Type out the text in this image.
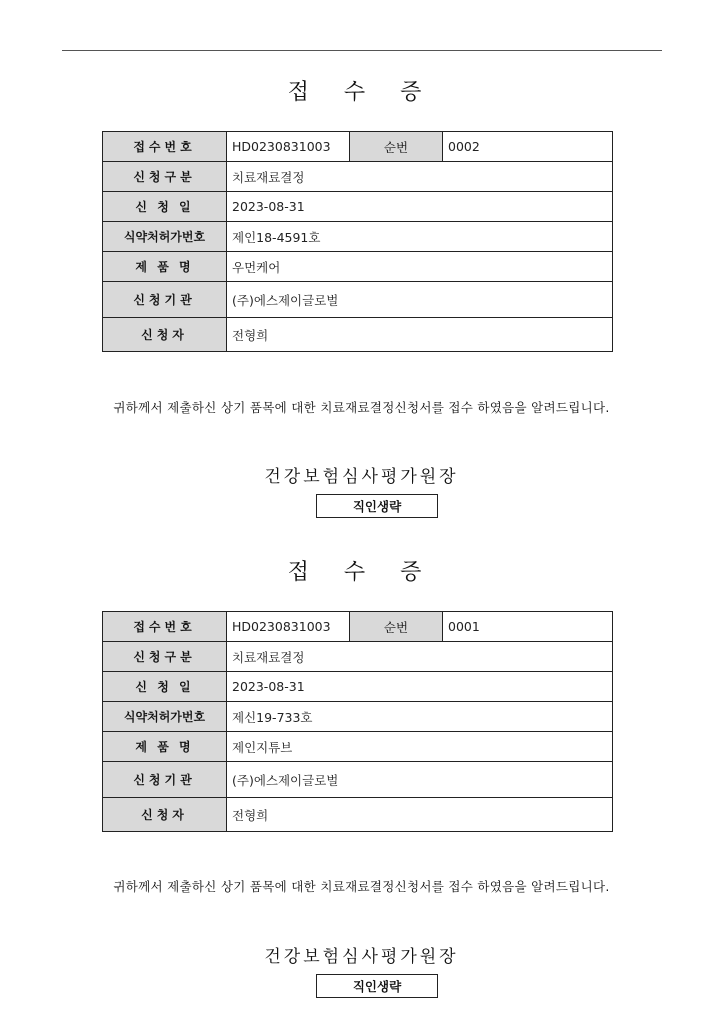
접 수 증
접수번호	HD0230831003	순번	0002
신청구분	치료재료결정		
신 청 일	2023-08-31		
식약처허가번호	제인18-4591호		
제 품 명	우먼케어		
신청기관	(주)에스제이글로벌		
신청자	전형희		
귀하께서 제출하신 상기 품목에 대한 치료재료결정신청서를 접수 하였음을 알려드립니다.
건강보험심사평가원장
직인생략
접 수 증
접수번호	HD0230831003	순번	0001
신청구분	치료재료결정		
신 청 일	2023-08-31		
식약처허가번호	제신19-733호		
제 품 명	제인지튜브		
신청기관	(주)에스제이글로벌		
신청자	전형희		
귀하께서 제출하신 상기 품목에 대한 치료재료결정신청서를 접수 하였음을 알려드립니다.
건강보험심사평가원장
직인생략
